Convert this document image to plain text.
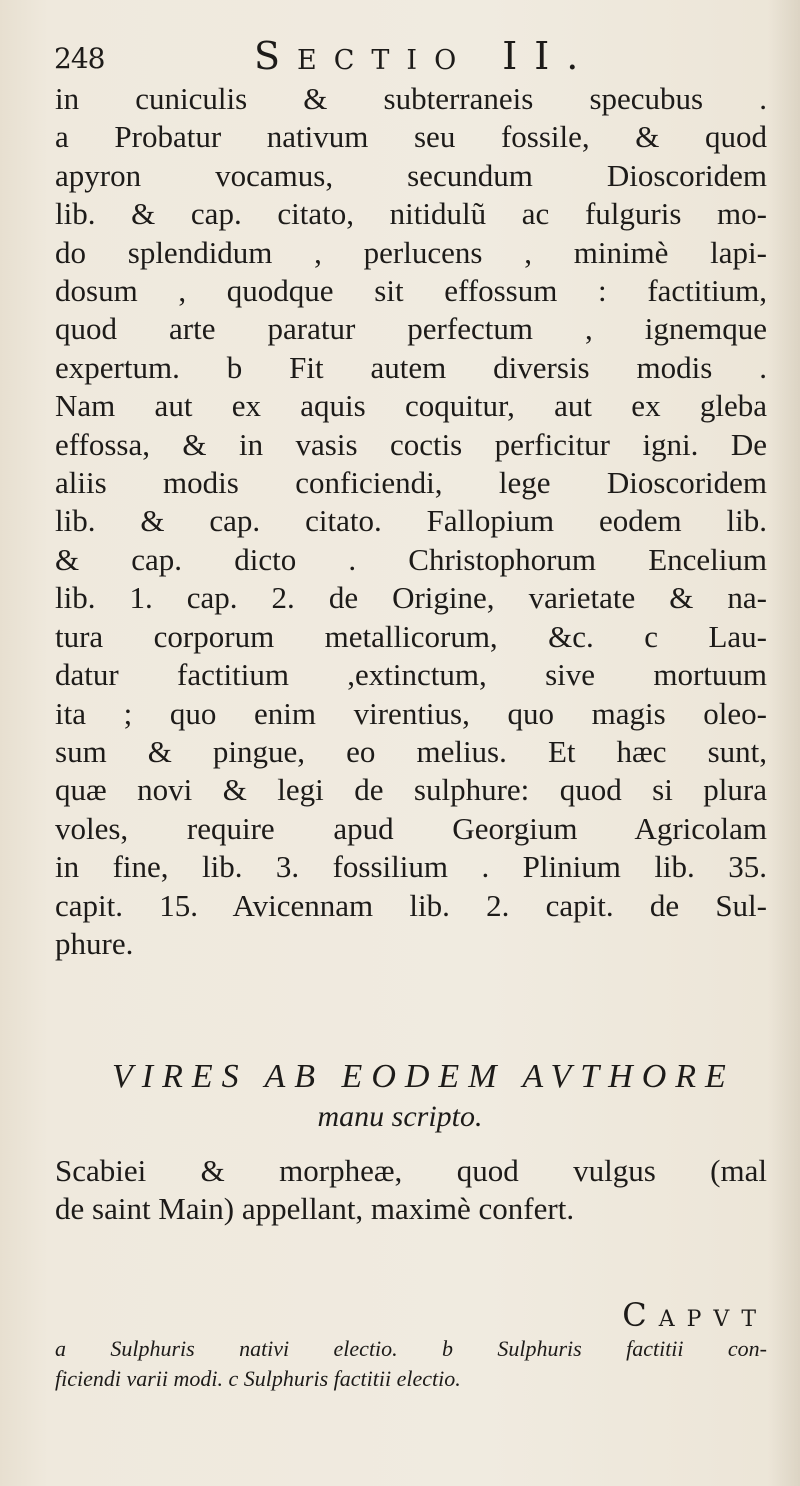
248	Sectio II.
in cuniculis & subterraneis specubus .
a Probatur nativum seu fossile, & quod
apyron vocamus, secundum Dioscoridem
lib. & cap. citato, nitidulũ ac fulguris mo-
do splendidum , perlucens , minimè lapi-
dosum , quodque sit effossum : factitium,
quod arte paratur perfectum , ignemque
expertum. b Fit autem diversis modis .
Nam aut ex aquis coquitur, aut ex gleba
effossa, & in vasis coctis perficitur igni. De
aliis modis conficiendi, lege Dioscoridem
lib. & cap. citato. Fallopium eodem lib.
& cap. dicto . Christophorum Encelium
lib. 1. cap. 2. de Origine, varietate & na-
tura corporum metallicorum, &c. c Lau-
datur factitium ,extinctum, sive mortuum
ita ; quo enim virentius, quo magis oleo-
sum & pingue, eo melius. Et hæc sunt,
quæ novi & legi de sulphure: quod si plura
voles, require apud Georgium Agricolam
in fine, lib. 3. fossilium . Plinium lib. 35.
capit. 15. Avicennam lib. 2. capit. de Sul-
phure.
VIRES AB EODEM AVTHORE
manu scripto.
Scabiei & morpheæ, quod vulgus (mal
de saint Main) appellant, maximè confert.
Capvt
a Sulphuris nativi electio. b Sulphuris factitii con-
ficiendi varii modi. c Sulphuris factitii electio.
